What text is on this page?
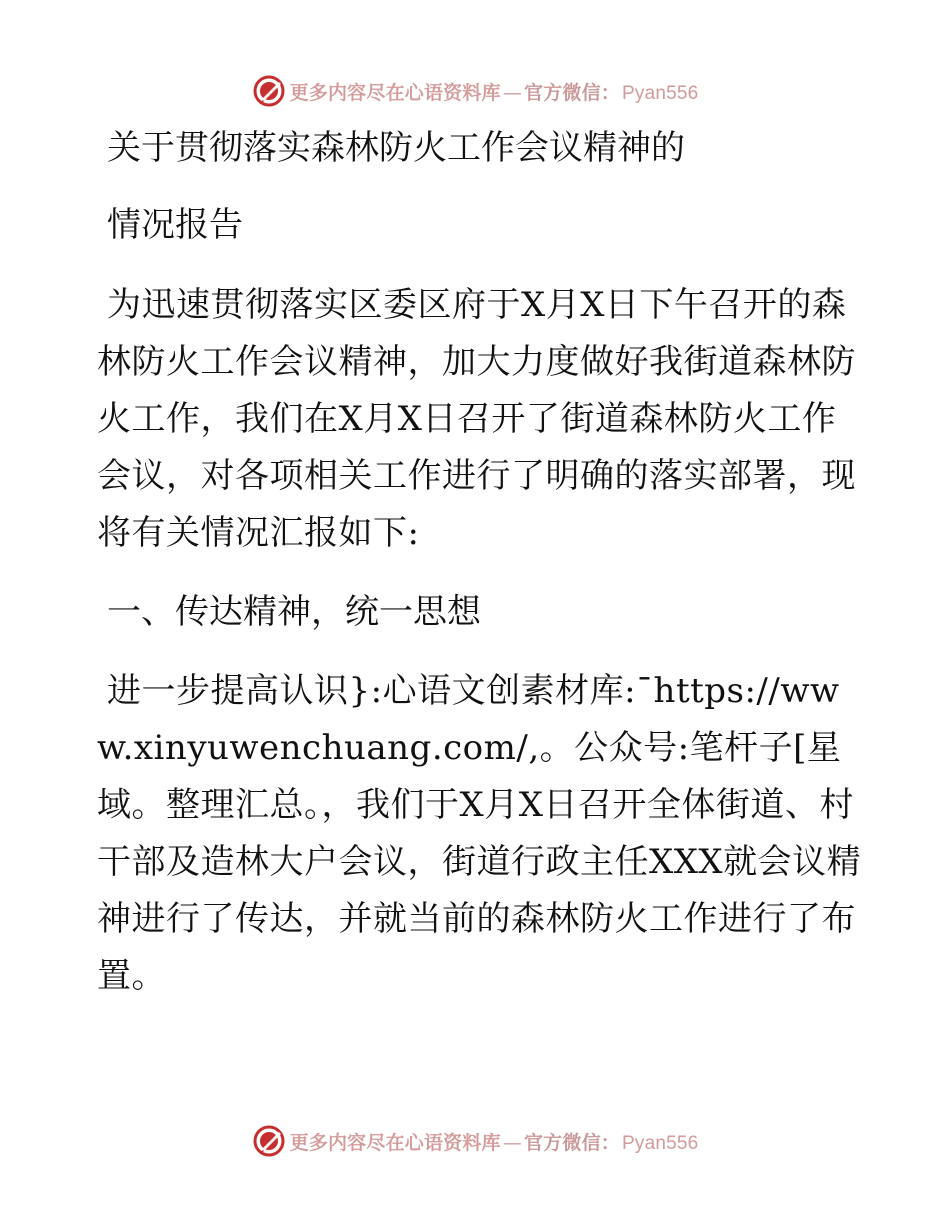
更多内容尽在心语资料库 — 官方微信： Pyan556
关于贯彻落实森林防火工作会议精神的
情况报告

为迅速贯彻落实区委区府于X月X日下午召开的森林防火工作会议精神，加大力度做好我街道森林防火工作，我们在X月X日召开了街道森林防火工作会议，对各项相关工作进行了明确的落实部署，现将有关情况汇报如下:

一、传达精神，统一思想

进一步提高认识}:心语文创素材库:¯https://www.xinyuwenchuang.com/,。公众号:笔杆子[星域。整理汇总。，我们于X月X日召开全体街道、村干部及造林大户会议，街道行政主任XXX就会议精神进行了传达，并就当前的森林防火工作进行了布置。

更多内容尽在心语资料库 — 官方微信： Pyan556
